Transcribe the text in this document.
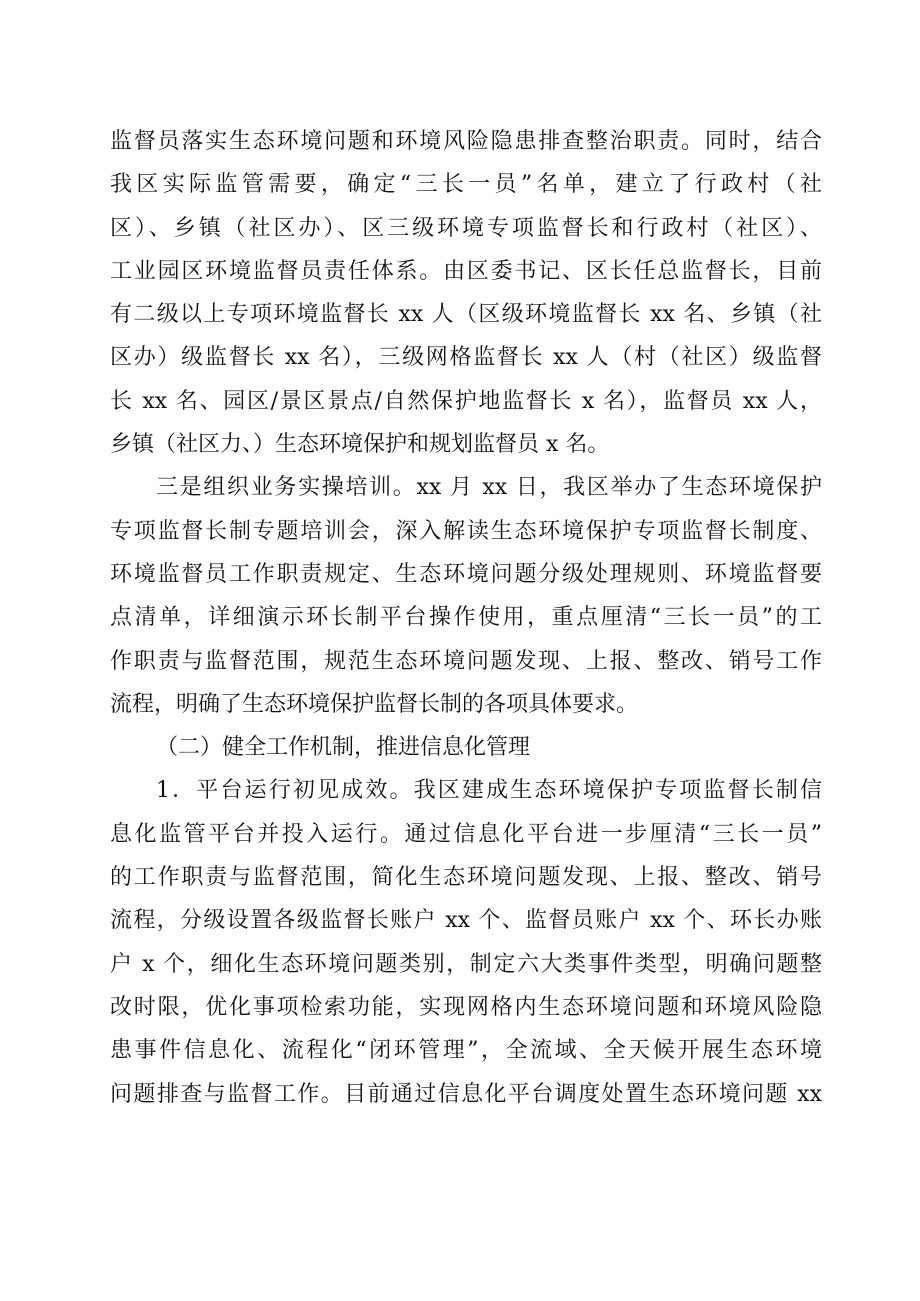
监督员落实生态环境问题和环境风险隐患排查整治职责。同时，结合
我区实际监管需要，确定“三长一员”名单，建立了行政村（社
区）、乡镇（社区办）、区三级环境专项监督长和行政村（社区）、
工业园区环境监督员责任体系。由区委书记、区长任总监督长，目前
有二级以上专项环境监督长 xx 人（区级环境监督长 xx 名、乡镇（社
区办）级监督长 xx 名），三级网格监督长 xx 人（村（社区）级监督
长 xx 名、园区/景区景点/自然保护地监督长 x 名），监督员 xx 人，
乡镇（社区力、）生态环境保护和规划监督员 x 名。
三是组织业务实操培训。xx 月 xx 日，我区举办了生态环境保护
专项监督长制专题培训会，深入解读生态环境保护专项监督长制度、
环境监督员工作职责规定、生态环境问题分级处理规则、环境监督要
点清单，详细演示环长制平台操作使用，重点厘清“三长一员”的工
作职责与监督范围，规范生态环境问题发现、上报、整改、销号工作
流程，明确了生态环境保护监督长制的各项具体要求。
（二）健全工作机制，推进信息化管理
1．平台运行初见成效。我区建成生态环境保护专项监督长制信
息化监管平台并投入运行。通过信息化平台进一步厘清“三长一员”
的工作职责与监督范围，简化生态环境问题发现、上报、整改、销号
流程，分级设置各级监督长账户 xx 个、监督员账户 xx 个、环长办账
户 x 个，细化生态环境问题类别，制定六大类事件类型，明确问题整
改时限，优化事项检索功能，实现网格内生态环境问题和环境风险隐
患事件信息化、流程化“闭环管理”，全流域、全天候开展生态环境
问题排查与监督工作。目前通过信息化平台调度处置生态环境问题 xx
